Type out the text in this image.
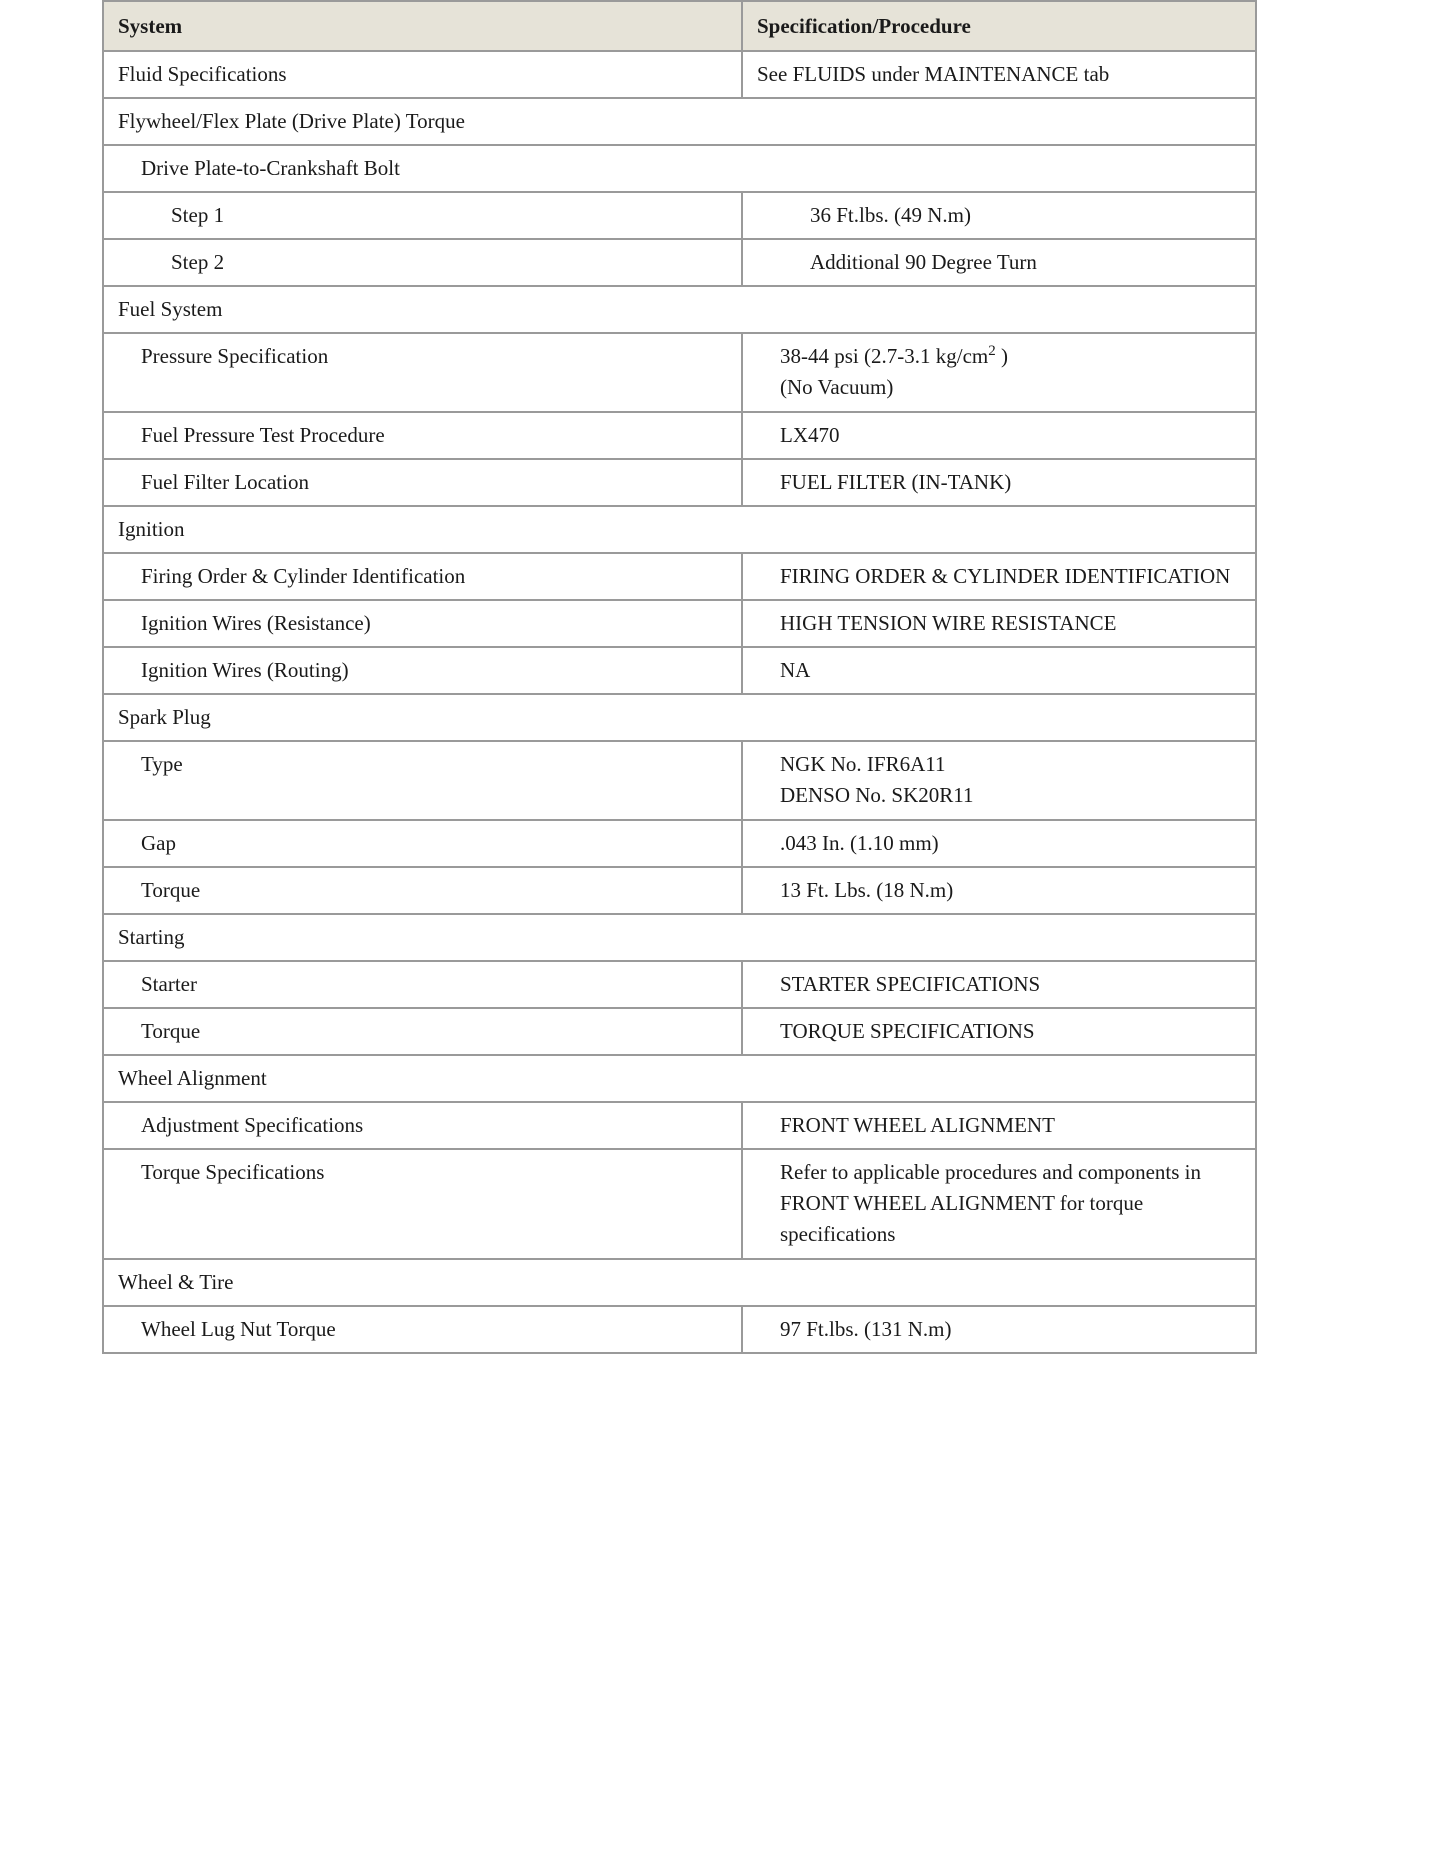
System	Specification/Procedure
Fluid Specifications	See FLUIDS under MAINTENANCE tab
Flywheel/Flex Plate (Drive Plate) Torque	
Drive Plate-to-Crankshaft Bolt	
Step 1	36 Ft.lbs. (49 N.m)
Step 2	Additional 90 Degree Turn
Fuel System	
Pressure Specification	38-44 psi (2.7-3.1 $kg/cm^2$ )
(No Vacuum)

Fuel Pressure Test Procedure	LX470
Fuel Filter Location	FUEL FILTER (IN-TANK)
Ignition	
Firing Order & Cylinder Identification	FIRING ORDER & CYLINDER IDENTIFICATION
Ignition Wires (Resistance)	HIGH TENSION WIRE RESISTANCE
Ignition Wires (Routing)	NA
Spark Plug	
Type	NGK No. IFR6A11
DENSO No. SK20R11

Gap	.043 In. (1.10 mm)
Torque	13 Ft. Lbs. (18 N.m)
Starting	
Starter	STARTER SPECIFICATIONS
Torque	TORQUE SPECIFICATIONS
Wheel Alignment	
Adjustment Specifications	FRONT WHEEL ALIGNMENT
Torque Specifications	Refer to applicable procedures and components in
FRONT WHEEL ALIGNMENT for torque
specifications

Wheel & Tire	
Wheel Lug Nut Torque	97 Ft.lbs. (131 N.m)
